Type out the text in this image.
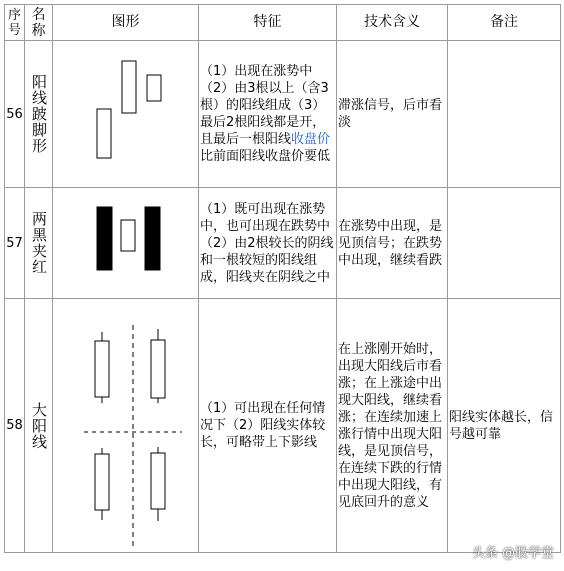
序号	名称	图形	特征	技术含义	备注
56	阳线跛脚形		（1）出现在涨势中（2）由3根以上（含3根）的阳线组成（3）最后2根阳线都是开，且最后一根阳线收盘价比前面阳线收盘价要低	滞涨信号，后市看淡	
57	两黑夹红		（1）既可出现在涨势中，也可出现在跌势中（2）由2根较长的阴线和一根较短的阳线组成，阳线夹在阴线之中	在涨势中出现，是见顶信号；在跌势中出现，继续看跌	
58	大阳线		（1）可出现在任何情况下（2）阳线实体较长，可略带上下影线	在上涨刚开始时，出现大阳线后市看涨；在上涨途中出现大阳线，继续看涨；在连续加速上涨行情中出现大阳线，是见顶信号，在连续下跌的行情中出现大阳线，有见底回升的意义	阳线实体越长，信号越可靠
头条 @股学堂
